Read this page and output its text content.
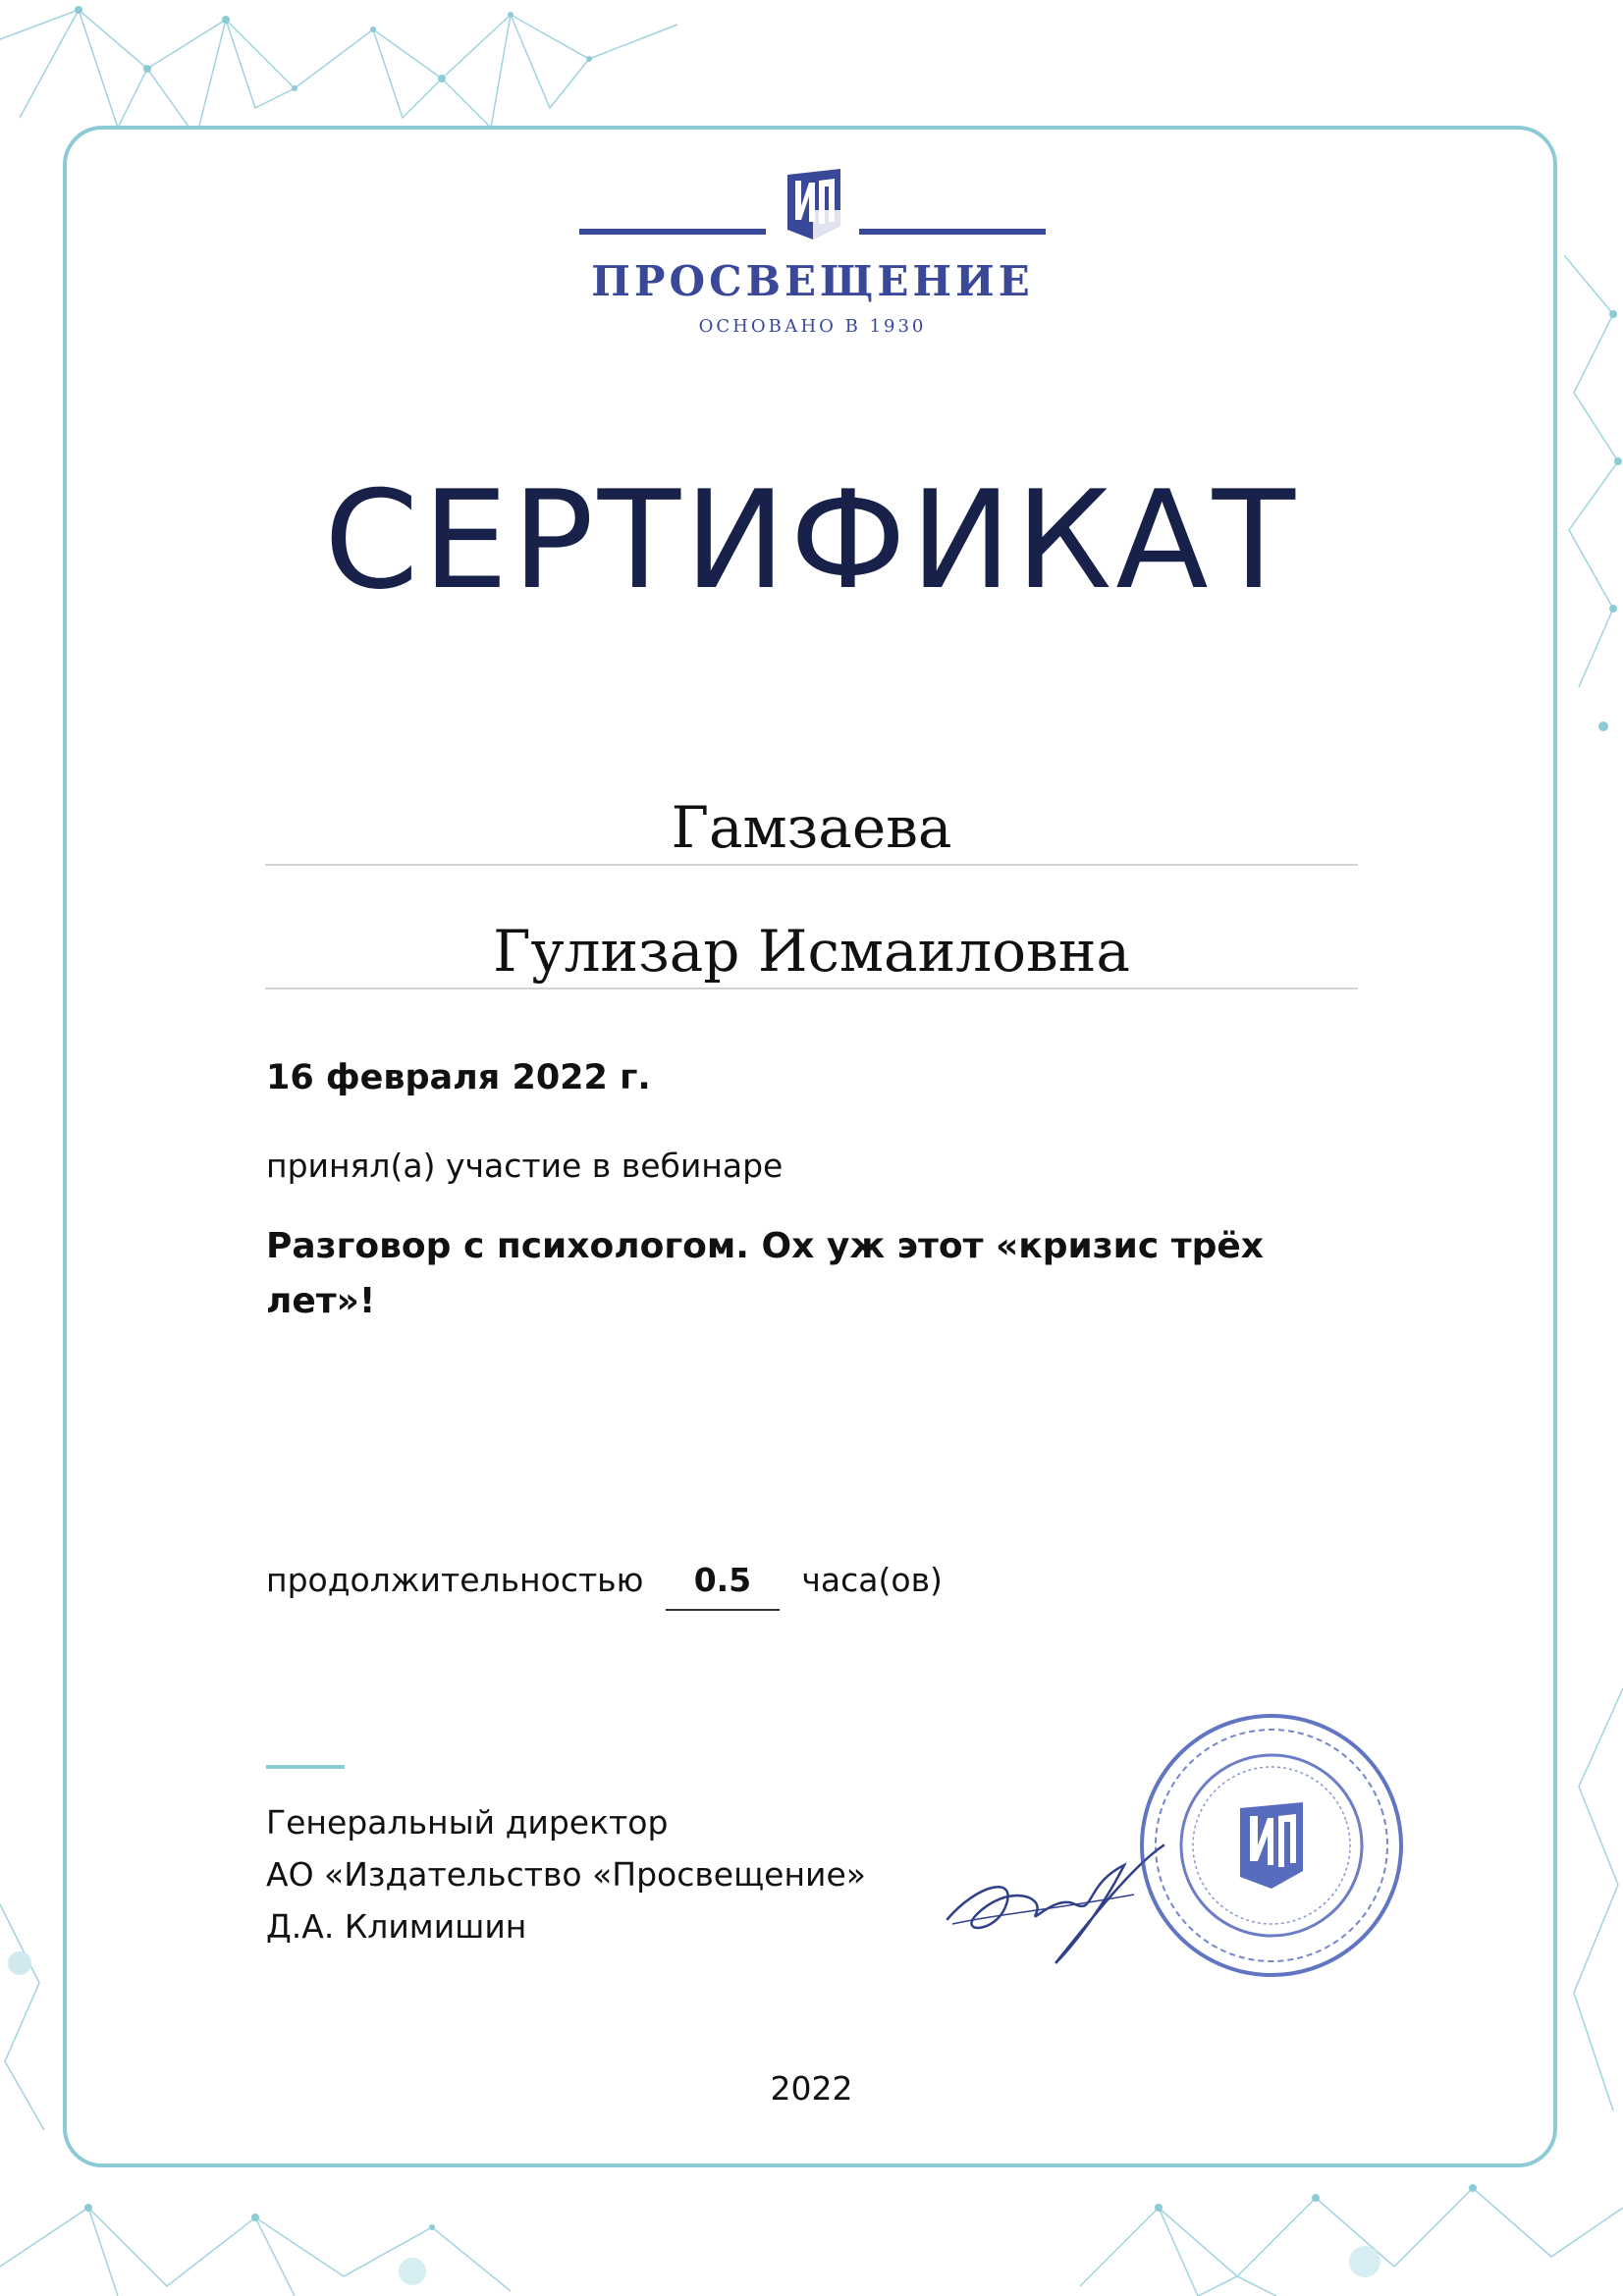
ПРОСВЕЩЕНИЕ
ОСНОВАНО В 1930
СЕРТИФИКАТ
Гамзаева
Гулизар Исмаиловна
16 февраля 2022 г.
принял(а) участие в вебинаре
Разговор с психологом. Ох уж этот «кризис трёх лет»!
продолжительностью 0.5 часа(ов)
Генеральный директор
АО «Издательство «Просвещение»
Д.А. Климишин
2022
